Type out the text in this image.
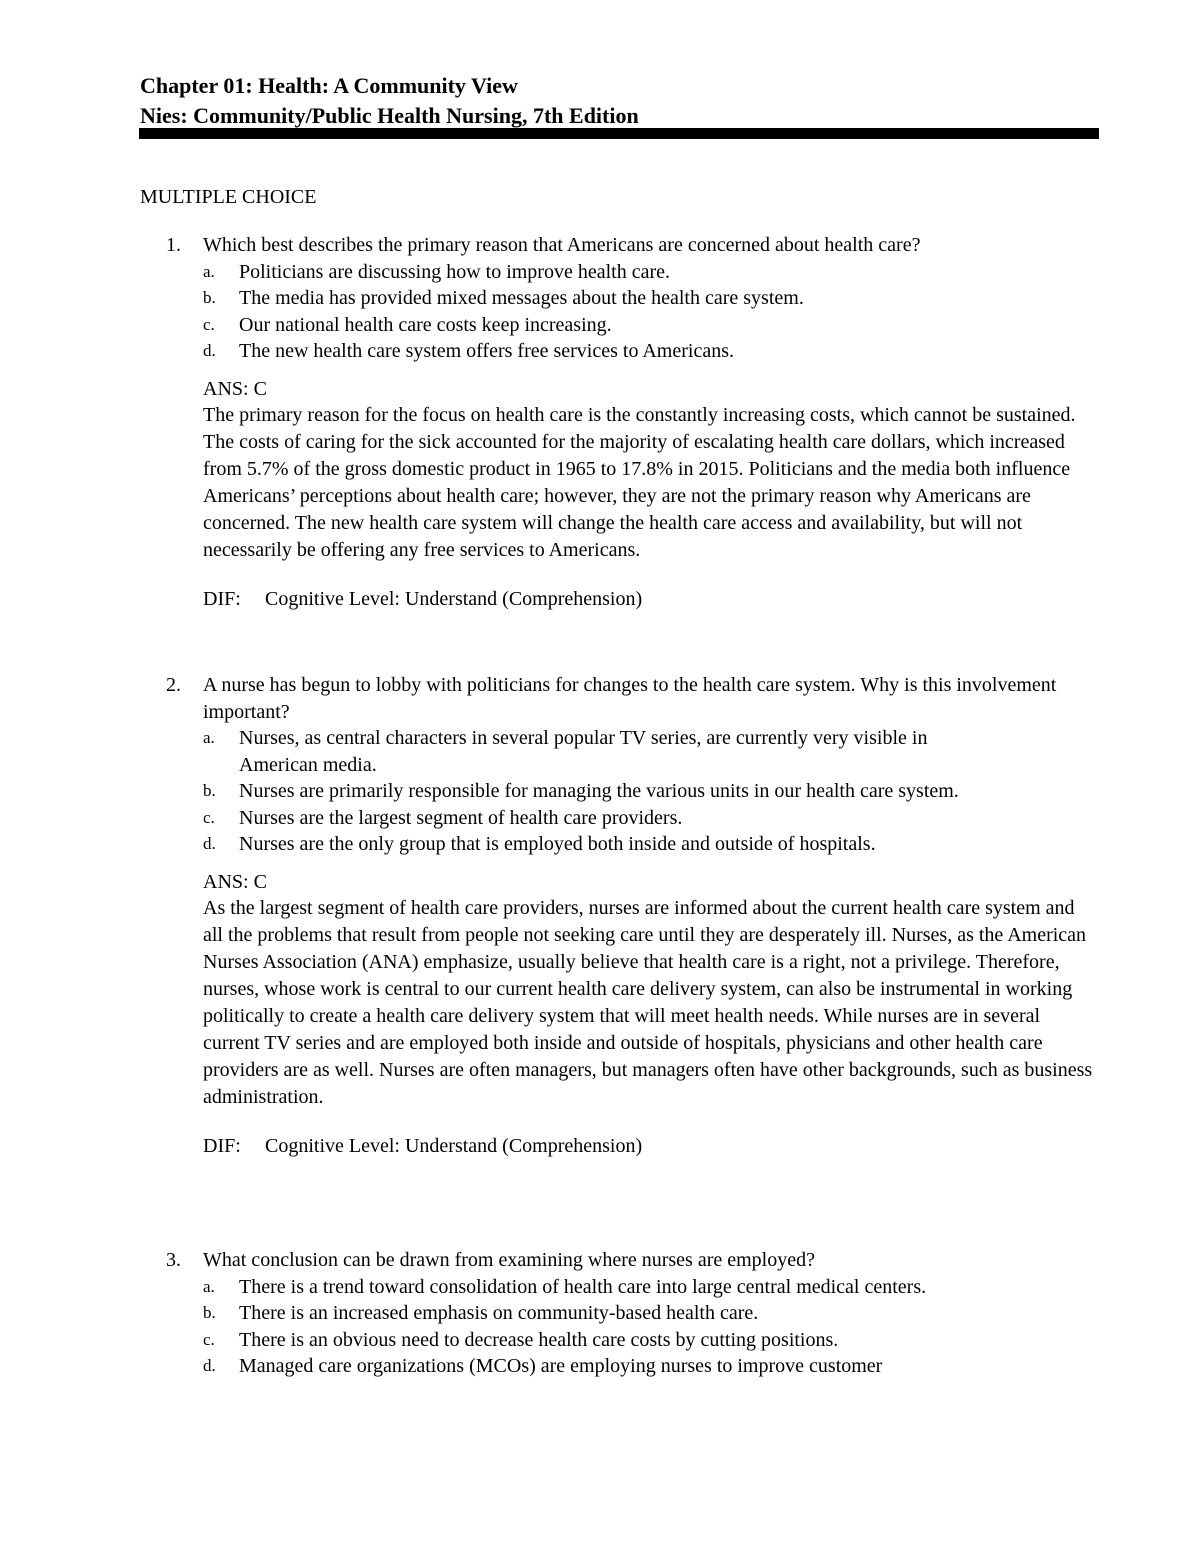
Chapter 01: Health: A Community View
Nies: Community/Public Health Nursing, 7th Edition
MULTIPLE CHOICE
1.	Which best describes the primary reason that Americans are concerned about health care?
a. Politicians are discussing how to improve health care.
b. The media has provided mixed messages about the health care system.
c. Our national health care costs keep increasing.
d. The new health care system offers free services to Americans.
ANS: C
The primary reason for the focus on health care is the constantly increasing costs, which cannot be sustained. The costs of caring for the sick accounted for the majority of escalating health care dollars, which increased from 5.7% of the gross domestic product in 1965 to 17.8% in 2015. Politicians and the media both influence Americans’ perceptions about health care; however, they are not the primary reason why Americans are concerned. The new health care system will change the health care access and availability, but will not necessarily be offering any free services to Americans.
DIF: Cognitive Level: Understand (Comprehension)
2.	A nurse has begun to lobby with politicians for changes to the health care system. Why is this involvement important?
a. Nurses, as central characters in several popular TV series, are currently very visible in American media.
b. Nurses are primarily responsible for managing the various units in our health care system.
c. Nurses are the largest segment of health care providers.
d. Nurses are the only group that is employed both inside and outside of hospitals.
ANS: C
As the largest segment of health care providers, nurses are informed about the current health care system and all the problems that result from people not seeking care until they are desperately ill. Nurses, as the American Nurses Association (ANA) emphasize, usually believe that health care is a right, not a privilege. Therefore, nurses, whose work is central to our current health care delivery system, can also be instrumental in working politically to create a health care delivery system that will meet health needs. While nurses are in several current TV series and are employed both inside and outside of hospitals, physicians and other health care providers are as well. Nurses are often managers, but managers often have other backgrounds, such as business administration.
DIF: Cognitive Level: Understand (Comprehension)
3.	What conclusion can be drawn from examining where nurses are employed?
a. There is a trend toward consolidation of health care into large central medical centers.
b. There is an increased emphasis on community-based health care.
c. There is an obvious need to decrease health care costs by cutting positions.
d. Managed care organizations (MCOs) are employing nurses to improve customer
